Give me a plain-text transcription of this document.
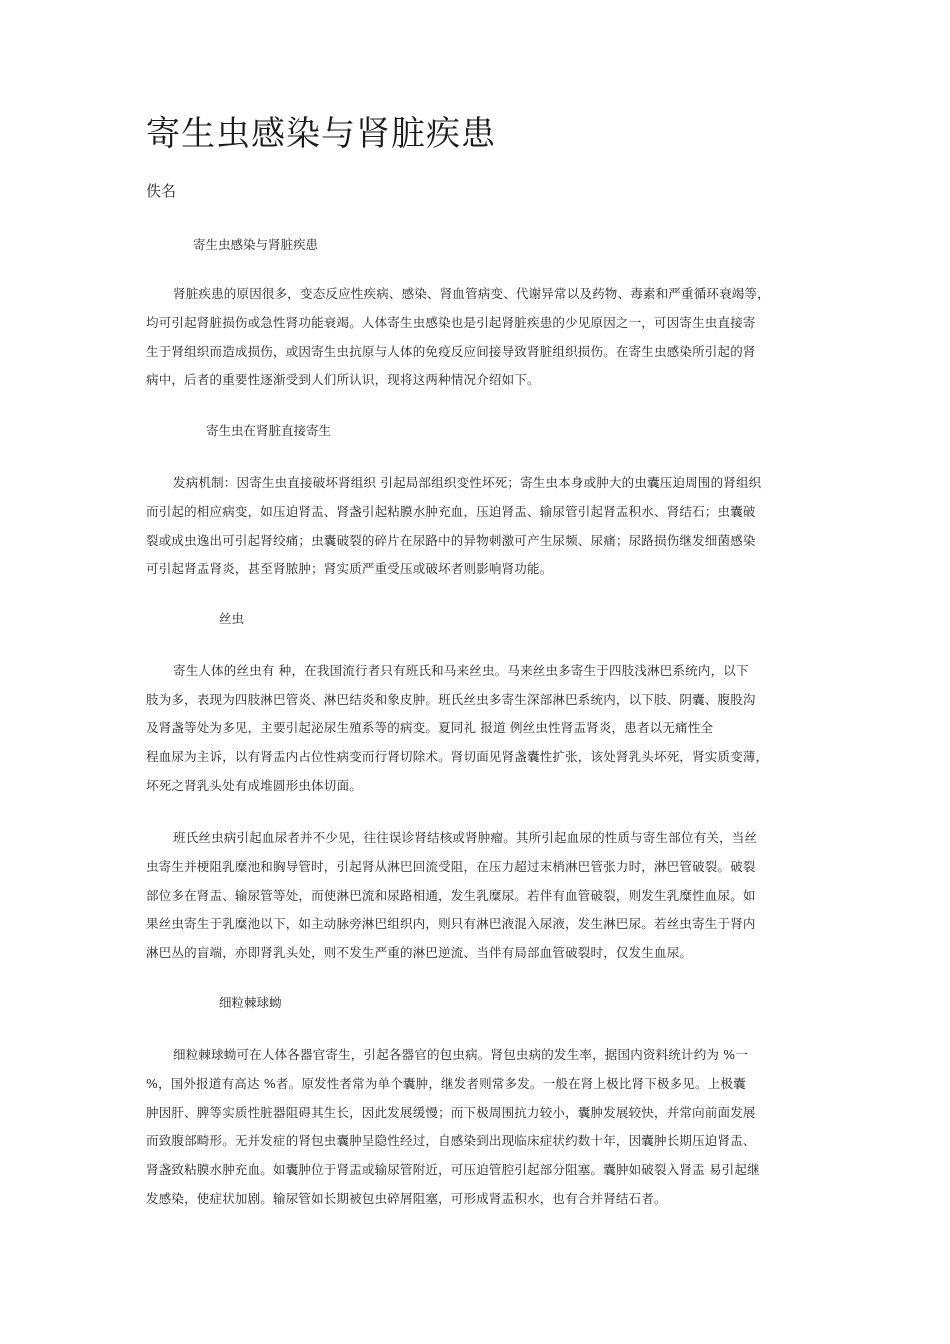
寄生虫感染与肾脏疾患
佚名
寄生虫感染与肾脏疾患
肾脏疾患的原因很多，变态反应性疾病、感染、肾血管病变、代谢异常以及药物、毒素和严重循环衰竭等，
均可引起肾脏损伤或急性肾功能衰竭。人体寄生虫感染也是引起肾脏疾患的少见原因之一，可因寄生虫直接寄
生于肾组织而造成损伤，或因寄生虫抗原与人体的免疫反应间接导致肾脏组织损伤。在寄生虫感染所引起的肾
病中，后者的重要性逐渐受到人们所认识，现将这两种情况介绍如下。
寄生虫在肾脏直接寄生
发病机制：因寄生虫直接破坏肾组织 引起局部组织变性坏死；寄生虫本身或肿大的虫囊压迫周围的肾组织
而引起的相应病变，如压迫肾盂、肾盏引起粘膜水肿充血，压迫肾盂、输尿管引起肾盂积水、肾结石；虫囊破
裂或成虫逸出可引起肾绞痛；虫囊破裂的碎片在尿路中的异物刺激可产生尿频、尿痛；尿路损伤继发细菌感染
可引起肾盂肾炎，甚至肾脓肿；肾实质严重受压或破坏者则影响肾功能。
丝虫
寄生人体的丝虫有 种，在我国流行者只有班氏和马来丝虫。马来丝虫多寄生于四肢浅淋巴系统内，以下
肢为多，表现为四肢淋巴管炎、淋巴结炎和象皮肿。班氏丝虫多寄生深部淋巴系统内，以下肢、阴囊、腹股沟
及肾盏等处为多见，主要引起泌尿生殖系等的病变。夏同礼 报道 例丝虫性肾盂肾炎，患者以无痛性全
程血尿为主诉，以有肾盂内占位性病变而行肾切除术。肾切面见肾盏囊性扩张，该处肾乳头坏死，肾实质变薄，
坏死之肾乳头处有成堆圆形虫体切面。
班氏丝虫病引起血尿者并不少见，往往误诊肾结核或肾肿瘤。其所引起血尿的性质与寄生部位有关，当丝
虫寄生并梗阻乳糜池和胸导管时，引起肾从淋巴回流受阻，在压力超过末梢淋巴管张力时，淋巴管破裂。破裂
部位多在肾盂、输尿管等处，而使淋巴流和尿路相通，发生乳糜尿。若伴有血管破裂，则发生乳糜性血尿。如
果丝虫寄生于乳糜池以下，如主动脉旁淋巴组织内，则只有淋巴液混入尿液，发生淋巴尿。若丝虫寄生于肾内
淋巴丛的盲端，亦即肾乳头处，则不发生严重的淋巴逆流、当伴有局部血管破裂时，仅发生血尿。
细粒棘球蚴
细粒棘球蚴可在人体各器官寄生，引起各器官的包虫病。肾包虫病的发生率，据国内资料统计约为 %一
%，国外报道有高达 %者。原发性者常为单个囊肿，继发者则常多发。一般在肾上极比肾下极多见。上极囊
肿因肝、脾等实质性脏器阻碍其生长，因此发展缓慢；而下极周围抗力较小，囊肿发展较快，并常向前面发展
而致腹部畸形。无并发症的肾包虫囊肿呈隐性经过，自感染到出现临床症状约数十年，因囊肿长期压迫肾盂、
肾盏致粘膜水肿充血。如囊肿位于肾盂或输尿管附近，可压迫管腔引起部分阻塞。囊肿如破裂入肾盂 易引起继
发感染，使症状加剧。输尿管如长期被包虫碎屑阻塞，可形成肾盂积水，也有合并肾结石者。
